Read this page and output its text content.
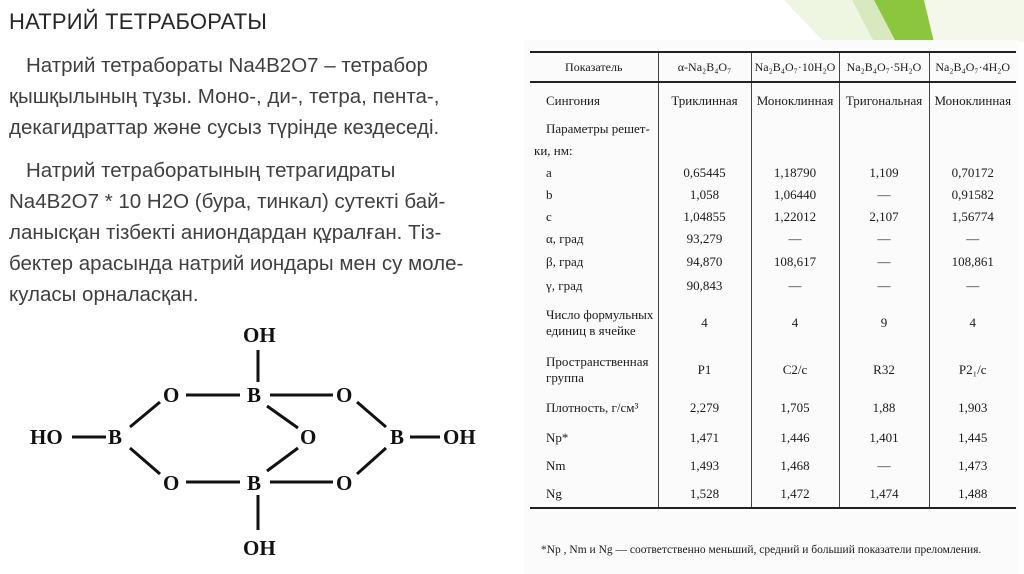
НАТРИЙ ТЕТРАБОРАТЫ
Натрий тетрабораты Na4B2O7 – тетрабор
қышқылының тұзы. Моно-, ди-, тетра, пента-,
декагидраттар және сусыз түрінде кездеседі.
Натрий тетраборатының тетрагидраты
Na4B2O7 * 10 H2O (бура, тинкал) сутекті бай-
ланысқан тізбекті аниондардан құралған. Тіз-
бектер арасында натрий иондары мен су моле-
куласы орналасқан.
OH
OH
HO	OH
B
B
B
B
O
O
O
O
O
Показатель	α-Na₂B₄O₇	Na₂B₄O₇·10H₂O	Na₂B₄O₇·5H₂O	Na₂B₄O₇·4H₂O
Сингония	Триклинная	Моноклинная	Тригональная	Моноклинная
Параметры решет-				
ки, нм:				
a	0,65445	1,18790	1,109	0,70172
b	1,058	1,06440	—	0,91582
c	1,04855	1,22012	2,107	1,56774
α, град	93,279	—	—	—
β, град	94,870	108,617	—	108,861
γ, град	90,843	—	—	—
Число формульных единиц в ячейке	4	4	9	4
Пространственная группа	P1	C2/c	R32	P2₁/c
Плотность, г/см³	2,279	1,705	1,88	1,903
Np*	1,471	1,446	1,401	1,445
Nm	1,493	1,468	—	1,473
Ng	1,528	1,472	1,474	1,488
*Np , Nm и Ng — соответственно меньший, средний и больший показатели преломления.
